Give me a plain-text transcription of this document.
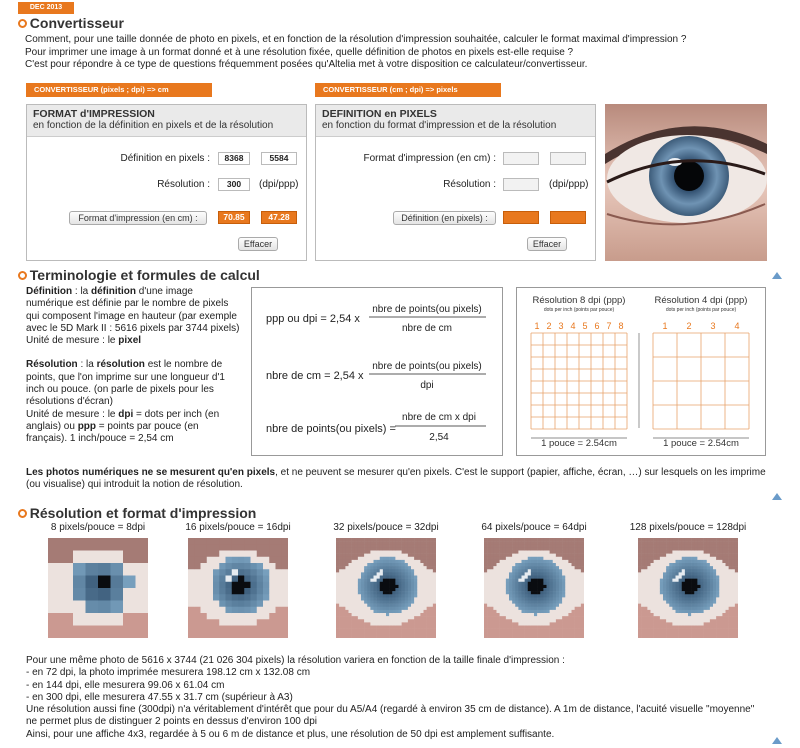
DEC 2013
Convertisseur
Comment, pour une taille donnée de photo en pixels, et en fonction de la résolution d'impression souhaitée, calculer le format maximal d'impression ?
Pour imprimer une image à un format donné et à une résolution fixée, quelle définition de photos en pixels est-elle requise ?
C'est pour répondre à ce type de questions fréquemment posées qu'Altelia met à votre disposition ce calculateur/convertisseur.
CONVERTISSEUR (pixels ; dpi) => cm
FORMAT d'IMPRESSION
en fonction de la définition en pixels et de la résolution
Définition en pixels :	8368	5584
Résolution :	300	(dpi/ppp)
Format d'impression (en cm) :	70.85	47.28
Effacer
CONVERTISSEUR (cm ; dpi) => pixels
DEFINITION en PIXELS
en fonction du format d'impression et de la résolution
Format d'impression (en cm) :
Résolution :	(dpi/ppp)
Définition (en pixels) :
Effacer
Terminologie et formules de calcul
Définition : la définition d'une image numérique est définie par le nombre de pixels qui composent l'image en hauteur (par exemple avec le 5D Mark II : 5616 pixels par 3744 pixels)
Unité de mesure : le pixel
Résolution : la résolution est le nombre de points, que l'on imprime sur une longueur d'1 inch ou pouce. (on parle de pixels pour les résolutions d'écran)
Unité de mesure : le dpi = dots per inch (en anglais) ou ppp = points par pouce (en français). 1 inch/pouce = 2,54 cm
ppp ou dpi = 2,54 x
nbre de points(ou pixels)
nbre de cm
nbre de cm = 2,54 x
nbre de points(ou pixels)
dpi
nbre de points(ou pixels) =
nbre de cm x dpi
2,54
Résolution 8 dpi (ppp)
dots per inch (points par pouce)
Résolution 4 dpi (ppp)
dots per inch (points par pouce)
1 2 3 4 5 6 7 8	1 2 3 4
1 pouce = 2.54cm	1 pouce = 2.54cm
Les photos numériques ne se mesurent qu'en pixels, et ne peuvent se mesurer qu'en pixels. C'est le support (papier, affiche, écran, …) sur lesquels on les imprime (ou visualise) qui introduit la notion de résolution.
Résolution et format d'impression
8 pixels/pouce = 8dpi	16 pixels/pouce = 16dpi	32 pixels/pouce = 32dpi	64 pixels/pouce = 64dpi	128 pixels/pouce = 128dpi
Pour une même photo de 5616 x 3744 (21 026 304 pixels) la résolution variera en fonction de la taille finale d'impression :
- en 72 dpi, la photo imprimée mesurera 198.12 cm x 132.08 cm
- en 144 dpi, elle mesurera 99.06 x 61.04 cm
- en 300 dpi, elle mesurera 47.55 x 31.7 cm (supérieur à A3)
Une résolution aussi fine (300dpi) n'a véritablement d'intérêt que pour du A5/A4 (regardé à environ 35 cm de distance). A 1m de distance, l'acuité visuelle "moyenne" ne permet plus de distinguer 2 points en dessus d'environ 100 dpi
Ainsi, pour une affiche 4x3, regardée à 5 ou 6 m de distance et plus, une résolution de 50 dpi est amplement suffisante.
